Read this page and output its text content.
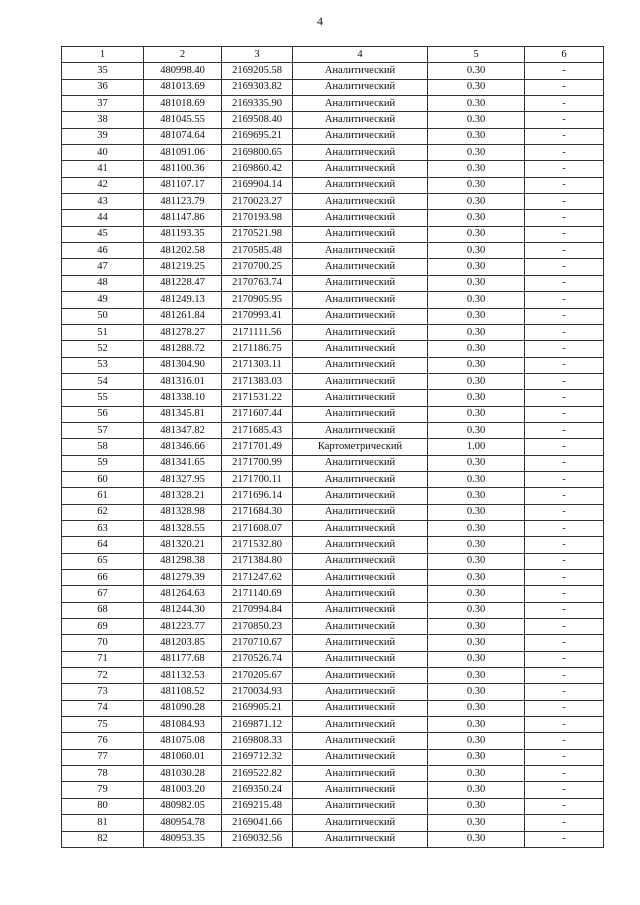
4
1	2	3	4	5	6
35	480998.40	2169205.58	Аналитический	0.30	-
36	481013.69	2169303.82	Аналитический	0.30	-
37	481018.69	2169335.90	Аналитический	0.30	-
38	481045.55	2169508.40	Аналитический	0.30	-
39	481074.64	2169695.21	Аналитический	0.30	-
40	481091.06	2169800.65	Аналитический	0.30	-
41	481100.36	2169860.42	Аналитический	0.30	-
42	481107.17	2169904.14	Аналитический	0.30	-
43	481123.79	2170023.27	Аналитический	0.30	-
44	481147.86	2170193.98	Аналитический	0.30	-
45	481193.35	2170521.98	Аналитический	0.30	-
46	481202.58	2170585.48	Аналитический	0.30	-
47	481219.25	2170700.25	Аналитический	0.30	-
48	481228.47	2170763.74	Аналитический	0.30	-
49	481249.13	2170905.95	Аналитический	0.30	-
50	481261.84	2170993.41	Аналитический	0.30	-
51	481278.27	2171111.56	Аналитический	0.30	-
52	481288.72	2171186.75	Аналитический	0.30	-
53	481304.90	2171303.11	Аналитический	0.30	-
54	481316.01	2171383.03	Аналитический	0.30	-
55	481338.10	2171531.22	Аналитический	0.30	-
56	481345.81	2171607.44	Аналитический	0.30	-
57	481347.82	2171685.43	Аналитический	0.30	-
58	481346.66	2171701.49	Картометрический	1.00	-
59	481341.65	2171700.99	Аналитический	0.30	-
60	481327.95	2171700.11	Аналитический	0.30	-
61	481328.21	2171696.14	Аналитический	0.30	-
62	481328.98	2171684.30	Аналитический	0.30	-
63	481328.55	2171608.07	Аналитический	0.30	-
64	481320.21	2171532.80	Аналитический	0.30	-
65	481298.38	2171384.80	Аналитический	0.30	-
66	481279.39	2171247.62	Аналитический	0.30	-
67	481264.63	2171140.69	Аналитический	0.30	-
68	481244.30	2170994.84	Аналитический	0.30	-
69	481223.77	2170850.23	Аналитический	0.30	-
70	481203.85	2170710.67	Аналитический	0.30	-
71	481177.68	2170526.74	Аналитический	0.30	-
72	481132.53	2170205.67	Аналитический	0.30	-
73	481108.52	2170034.93	Аналитический	0.30	-
74	481090.28	2169905.21	Аналитический	0.30	-
75	481084.93	2169871.12	Аналитический	0.30	-
76	481075.08	2169808.33	Аналитический	0.30	-
77	481060.01	2169712.32	Аналитический	0.30	-
78	481030.28	2169522.82	Аналитический	0.30	-
79	481003.20	2169350.24	Аналитический	0.30	-
80	480982.05	2169215.48	Аналитический	0.30	-
81	480954.78	2169041.66	Аналитический	0.30	-
82	480953.35	2169032.56	Аналитический	0.30	-
